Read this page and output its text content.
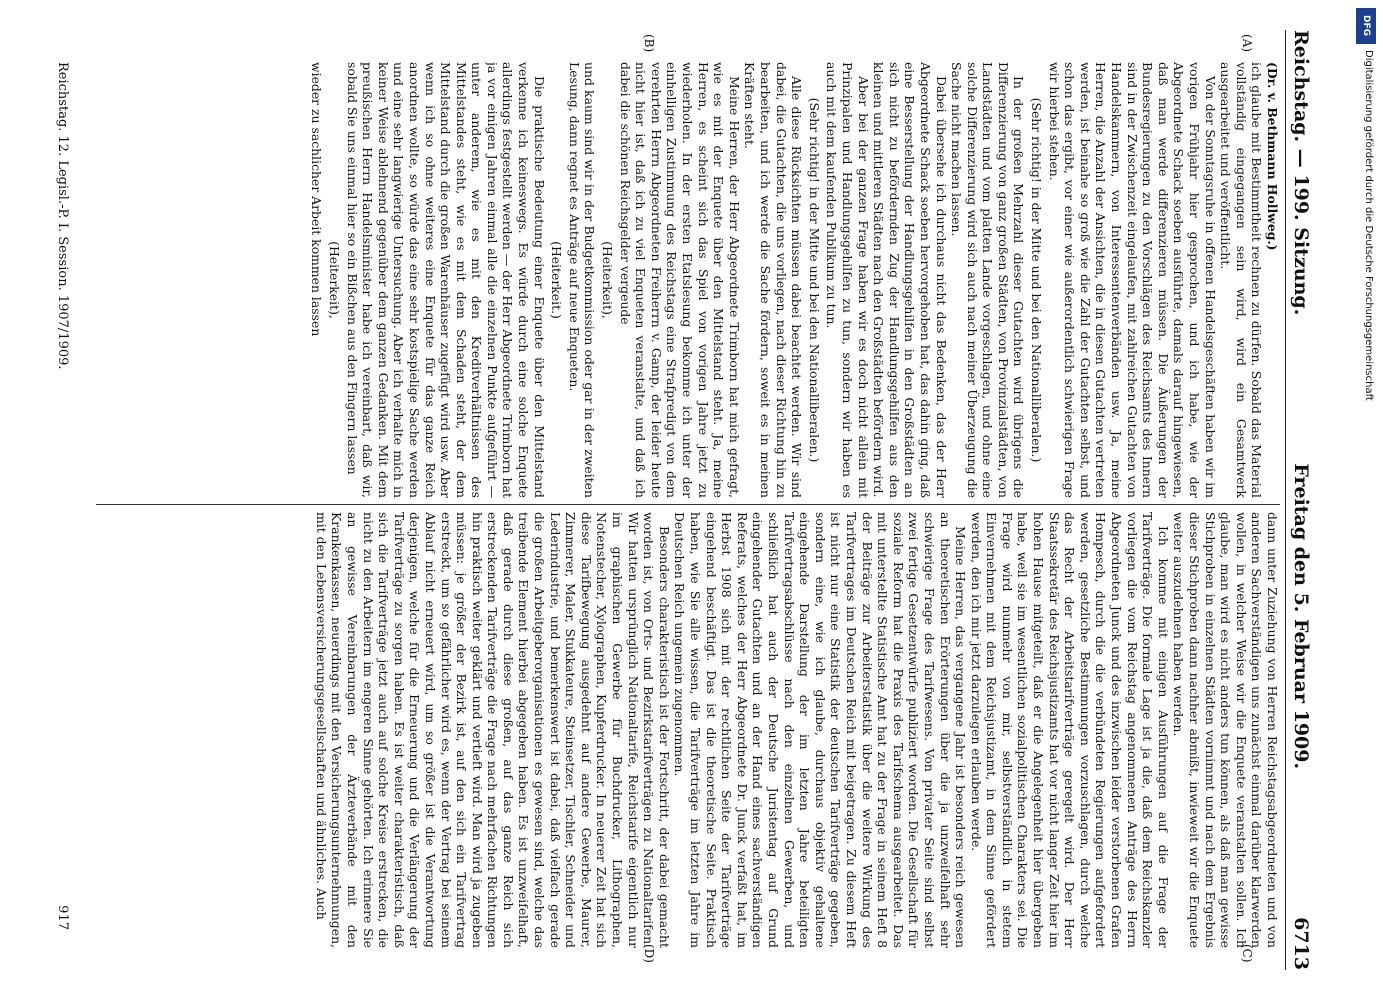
Reichstag. — 199. Sitzung.
Freitag den 5. Februar 1909.
6713
(A)
(B)
(C)
(D)

(Dr. v. Bethmann Hollweg.)

ich glaube mit Bestimmtheit rechnen zu dürfen. Sobald das Material vollständig eingegangen sein wird, wird ein Gesamtwerk ausgearbeitet und veröffentlicht.

Von der Sonntagsruhe in offenen Handelsgeschäften haben wir im vorigen Frühjahr hier gesprochen, und ich habe, wie der Abgeordnete Schack soeben ausführte, damals darauf hingewiesen, daß man werde differenzieren müssen. Die Äußerungen der Bundesregierungen zu den Vorschlägen des Reichsamts des Innern sind in der Zwischenzeit eingelaufen, mit zahlreichen Gutachten von Handelskammern, von Interessentenverbänden usw. Ja, meine Herren, die Anzahl der Ansichten, die in diesen Gutachten vertreten werden, ist beinahe so groß wie die Zahl der Gutachten selbst, und schon das ergibt, vor einer wie außerordentlich schwierigen Frage wir hierbei stehen.

(Sehr richtig! in der Mitte und bei den Nationalliberalen.)

In der großen Mehrzahl dieser Gutachten wird übrigens die Differenzierung von ganz großen Städten, von Provinzialstädten, von Landstädten und vom platten Lande vorgeschlagen, und ohne eine solche Differenzierung wird sich auch nach meiner Überzeugung die Sache nicht machen lassen.

Dabei übersehe ich durchaus nicht das Bedenken, das der Herr Abgeordnete Schack soeben hervorgehoben hat, das dahin ging, daß eine Besserstellung der Handlungsgehilfen in den Großstädten an sich nicht zu befördernden Zug der Handlungsgehilfen aus den kleinen und mittleren Städten nach den Großstädten befördern wird.

Aber bei der ganzen Frage haben wir es doch nicht allein mit Prinzipalen und Handlungsgehilfen zu tun, sondern wir haben es auch mit dem kaufenden Publikum zu tun.

(Sehr richtig! in der Mitte und bei den Nationalliberalen.)

Alle diese Rücksichten müssen dabei beachtet werden. Wir sind dabei, die Gutachten, die uns vorliegen, nach dieser Richtung hin zu bearbeiten, und ich werde die Sache fördern, soweit es in meinen Kräften steht.

Meine Herren, der Herr Abgeordnete Trimborn hat mich gefragt, wie es mit der Enquete über den Mittelstand steht. Ja, meine Herren, es scheint sich das Spiel von vorigen Jahre jetzt zu wiederholen. In der ersten Etatslesung bekomme ich unter der einhelligen Zustimmung des Reichstags eine Strafpredigt von dem verehrten Herrn Abgeordneten Freiherrn v. Gamp, der leider heute nicht hier ist, daß ich zu viel Enqueten veranstalte, und daß ich dabei die schönen Reichsgelder vergeude

(Heiterkeit),

und kaum sind wir in der Budgetkommission oder gar in der zweiten Lesung, dann regnet es Anträge auf neue Enqueten.

(Heiterkeit.)

Die praktische Bedeutung einer Enquete über den Mittelstand verkenne ich keineswegs. Es würde durch eine solche Enquete allerdings festgestellt werden — der Herr Abgeordnete Trimborn hat ja vor einigen Jahren einmal alle die einzelnen Punkte aufgeführt — unter anderem, wie es mit den Kreditverhältnissen des Mittelstandes steht, wie es mit dem Schaden steht, der dem Mittelstand durch die großen Warenhäuser zugefügt wird usw. Aber wenn ich so ohne weiteres eine Enquete für das ganze Reich anordnen wollte, so würde das eine sehr kostspielige Sache werden und eine sehr langwierige Untersuchung. Aber ich verhalte mich in keiner Weise ablehnend gegenüber dem ganzen Gedanken. Mit dem preußischen Herrn Handelsminister habe ich vereinbart, daß wir, sobald Sie uns einmal hier so ein Bißchen aus den Fingern lassen

(Heiterkeit),

wieder zu sachlicher Arbeit kommen lassen

dann unter Zuziehung von Herren Reichstagsabgeordneten und von anderen Sachverständigen uns zunächst einmal darüber klarwerden wollen, in welcher Weise wir die Enquete veranstalten sollen. Ich glaube, man wird es nicht anders tun können, als daß man gewisse Stichproben in einzelnen Städten vornimmt und nach dem Ergebnis dieser Stichproben dann nachher abmißt, inwieweit wir die Enquete weiter auszudehnen haben werden.

Ich komme mit einigen Ausführungen auf die Frage der Tarifverträge. Die formale Lage ist ja die, daß dem Reichskanzler vorliegen die vom Reichstag angenommenen Anträge des Herrn Abgeordneten Junck und des inzwischen leider verstorbenen Grafen Hompesch, durch die die verbündeten Regierungen aufgefordert werden, gesetzliche Bestimmungen vorzuschlagen, durch welche das Recht der Arbeitstarifverträge geregelt wird. Der Herr Staatssekretär des Reichsjustizamts hat vor nicht langer Zeit hier im hohen Hause mitgeteilt, daß er die Angelegenheit hier übergeben habe, weil sie im wesentlichen sozialpolitischen Charakters sei. Die Frage wird nunmehr von mir, selbstverständlich in stetem Einvernehmen mit dem Reichsjustizamt, in dem Sinne gefördert werden, den ich mir jetzt darzulegen erlauben werde.

Meine Herren, das vergangene Jahr ist besonders reich gewesen an theoretischen Erörterungen über die ja unzweifelhaft sehr schwierige Frage des Tarifwesens. Von privater Seite sind selbst zwei fertige Gesetzentwürfe publiziert worden. Die Gesellschaft für soziale Reform hat die Praxis des Tarifschema ausgearbeitet. Das mit unterstellte Statistische Amt hat zu der Frage in seinem Heft 8 der Beiträge zur Arbeiterstatistik über die weitere Wirkung des Tarifvertrages im Deutschen Reich mit beigetragen. Zu diesem Heft ist nicht nur eine Statistik der deutschen Tarifverträge gegeben, sondern eine, wie ich glaube, durchaus objektiv gehaltene eingehende Darstellung der im letzten Jahre beteiligten Tarifvertragsabschlüsse nach den einzelnen Gewerben, und schließlich hat auch der Deutsche Juristentag auf Grund eingehender Gutachten und an der Hand eines sachverständigen Referats, welches der Herr Abgeordnete Dr. Junck verfaßt hat, im Herbst 1908 sich mit der rechtlichen Seite der Tarifverträge eingehend beschäftigt. Das ist die theoretische Seite. Praktisch haben, wie Sie alle wissen, die Tarifverträge im letzten Jahre im Deutschen Reich ungemein zugenommen.

Besonders charakteristisch ist der Fortschritt, der dabei gemacht worden ist, von Orts- und Bezirkstarifverträgen zu Nationaltarifen. Wir hatten ursprünglich Nationaltarife, Reichstarife eigentlich nur im graphischen Gewerbe für Buchdrucker, Lithographen, Notenstecher, Xylographen, Kupferdrucker. In neuerer Zeit hat sich diese Tarifbewegung ausgedehnt auf andere Gewerbe, Maurer, Zimmerer, Maler, Stukkateure, Steinsetzer, Tischler, Schneider und Lederindustrie, und bemerkenswert ist dabei, daß vielfach gerade die großen Arbeitgeberorganisationen es gewesen sind, welche das treibende Element hierbei abgegeben haben. Es ist unzweifelhaft, daß gerade durch diese großen, auf das ganze Reich sich erstreckenden Tarifverträge die Frage nach mehrfachen Richtungen hin praktisch weiter geklärt und vertieft wird. Man wird ja zugeben müssen: je größer der Bezirk ist, auf den sich ein Tarifvertrag erstreckt, um so gefährlicher wird es, wenn der Vertrag bei seinem Ablauf nicht erneuert wird, um so größer ist die Verantwortung derjenigen, welche für die Erneuerung und die Verlängerung der Tarifverträge zu sorgen haben. Es ist weiter charakteristisch, daß sich die Tarifverträge jetzt auch auf solche Kreise erstrecken, die nicht zu den Arbeitern im engeren Sinne gehörten. Ich erinnere Sie an gewisse Vereinbarungen der Ärzteverbände mit den Krankenkassen, neuerdings mit den Versicherungsunternehmungen, mit den Lebensversicherungsgesellschaften und ähnliches. Auch

Reichstag. 12. Legisl.-P. I. Session. 1907/1909.
917
DFG
Digitalisierung gefördert durch die Deutsche Forschungsgemeinschaft
